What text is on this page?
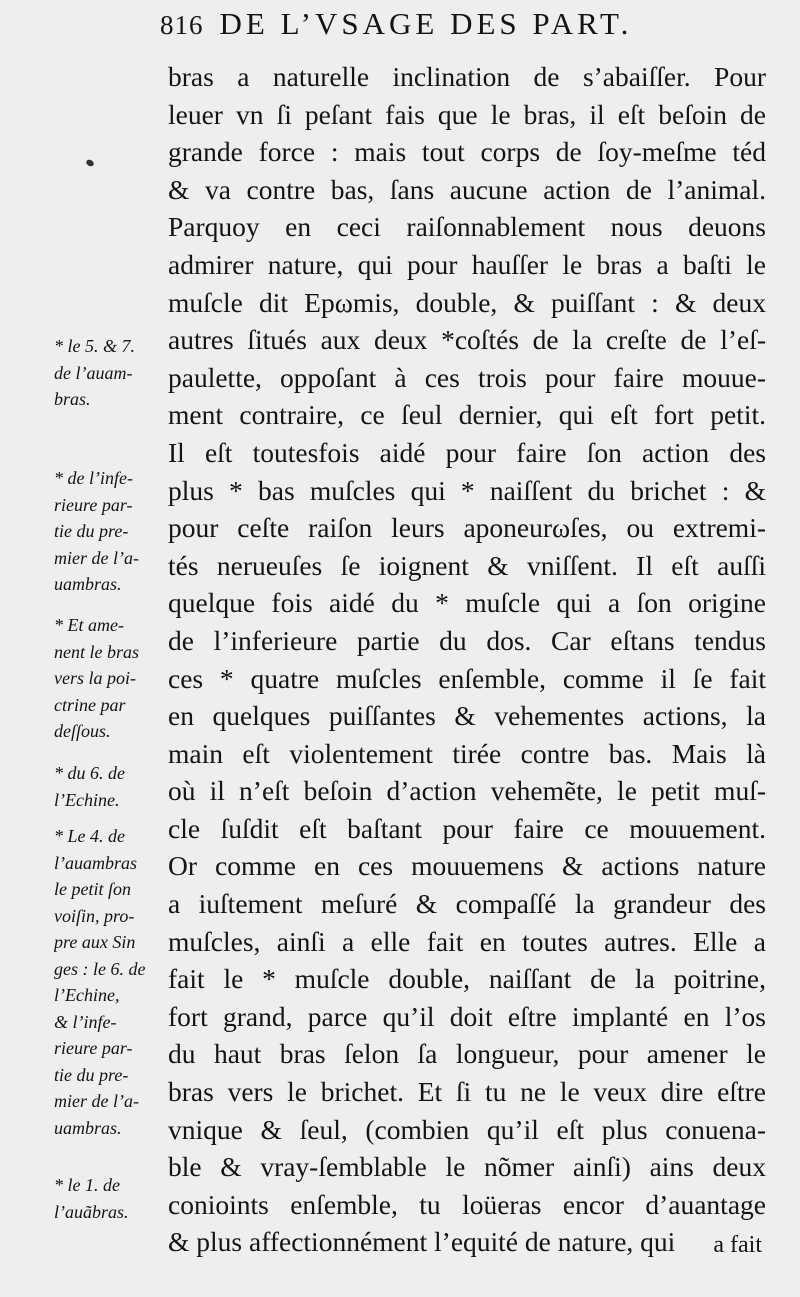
816 DE L’VSAGE DES PART.
bras a naturelle inclination de s’abaiſſer. Pour
leuer vn ſi peſant fais que le bras, il eſt beſoin de
grande force : mais tout corps de ſoy-meſme téd
& va contre bas, ſans aucune action de l’animal.
Parquoy en ceci raiſonnablement nous deuons
admirer nature, qui pour hauſſer le bras a baſti le
muſcle dit Epωmis, double, & puiſſant : & deux
autres ſitués aux deux *coſtés de la creſte de l’eſ-
paulette, oppoſant à ces trois pour faire mouue-
ment contraire, ce ſeul dernier, qui eſt fort petit.
Il eſt toutesfois aidé pour faire ſon action des
plus * bas muſcles qui * naiſſent du brichet : &
pour ceſte raiſon leurs aponeurωſes, ou extremi-
tés nerueuſes ſe ioignent & vniſſent. Il eſt auſſi
quelque fois aidé du * muſcle qui a ſon origine
de l’inferieure partie du dos. Car eſtans tendus
ces * quatre muſcles enſemble, comme il ſe fait
en quelques puiſſantes & vehementes actions, la
main eſt violentement tirée contre bas. Mais là
où il n’eſt beſoin d’action vehemẽte, le petit muſ-
cle ſuſdit eſt baſtant pour faire ce mouuement.
Or comme en ces mouuemens & actions nature
a iuſtement meſuré & compaſſé la grandeur des
muſcles, ainſi a elle fait en toutes autres. Elle a
fait le * muſcle double, naiſſant de la poitrine,
fort grand, parce qu’il doit eſtre implanté en l’os
du haut bras ſelon ſa longueur, pour amener le
bras vers le brichet. Et ſi tu ne le veux dire eſtre
vnique & ſeul, (combien qu’il eſt plus conuena-
ble & vray-ſemblable le nõmer ainſi) ains deux
conioints enſemble, tu loüeras encor d’auantage
& plus affectionnément l’equité de nature, qui	a fait
* le 5. & 7.
de l’auam-
bras.
* de l’infe-
rieure par-
tie du pre-
mier de l’a-
uambras.
* Et ame-
nent le bras
vers la poi-
ctrine par
deſſous.
* du 6. de
l’Echine.
* Le 4. de
l’auambras
le petit ſon
voiſin, pro-
pre aux Sin
ges : le 6. de
l’Echine,
& l’infe-
rieure par-
tie du pre-
mier de l’a-
uambras.
* le 1. de
l’auãbras.
